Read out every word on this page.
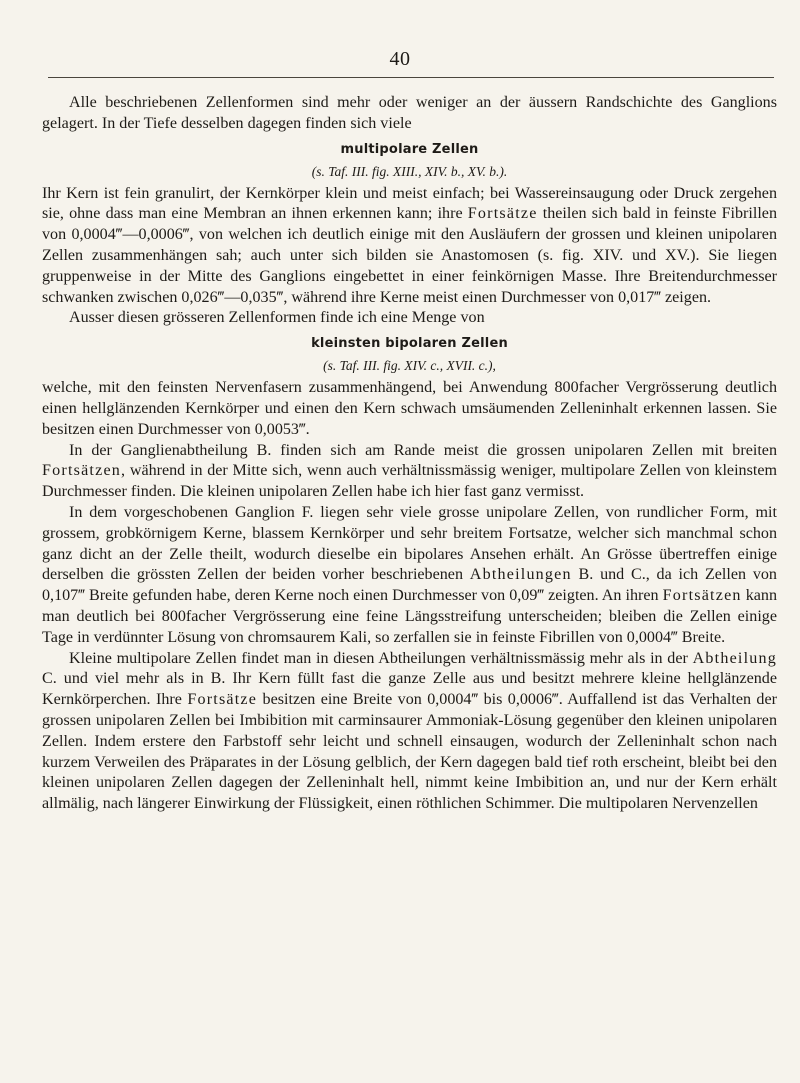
40

Alle beschriebenen Zellenformen sind mehr oder weniger an der äussern Randschichte des Ganglions gelagert. In der Tiefe desselben dagegen finden sich viele

multipolare Zellen
(s. Taf. III. fig. XIII., XIV. b., XV. b.).

Ihr Kern ist fein granulirt, der Kernkörper klein und meist einfach; bei Wassereinsaugung oder Druck zergehen sie, ohne dass man eine Membran an ihnen erkennen kann; ihre Fortsätze theilen sich bald in feinste Fibrillen von 0,0004‴—0,0006‴, von welchen ich deutlich einige mit den Ausläufern der grossen und kleinen unipolaren Zellen zusammenhängen sah; auch unter sich bilden sie Anastomosen (s. fig. XIV. und XV.). Sie liegen gruppenweise in der Mitte des Ganglions eingebettet in einer feinkörnigen Masse. Ihre Breitendurchmesser schwanken zwischen 0,026‴—0,035‴, während ihre Kerne meist einen Durchmesser von 0,017‴ zeigen.

Ausser diesen grösseren Zellenformen finde ich eine Menge von

kleinsten bipolaren Zellen
(s. Taf. III. fig. XIV. c., XVII. c.),

welche, mit den feinsten Nervenfasern zusammenhängend, bei Anwendung 800facher Vergrösserung deutlich einen hellglänzenden Kernkörper und einen den Kern schwach umsäumenden Zelleninhalt erkennen lassen. Sie besitzen einen Durchmesser von 0,0053‴.

In der Ganglienabtheilung B. finden sich am Rande meist die grossen unipolaren Zellen mit breiten Fortsätzen, während in der Mitte sich, wenn auch verhältnissmässig weniger, multipolare Zellen von kleinstem Durchmesser finden. Die kleinen unipolaren Zellen habe ich hier fast ganz vermisst.

In dem vorgeschobenen Ganglion F. liegen sehr viele grosse unipolare Zellen, von rundlicher Form, mit grossem, grobkörnigem Kerne, blassem Kernkörper und sehr breitem Fortsatze, welcher sich manchmal schon ganz dicht an der Zelle theilt, wodurch dieselbe ein bipolares Ansehen erhält. An Grösse übertreffen einige derselben die grössten Zellen der beiden vorher beschriebenen Abtheilungen B. und C., da ich Zellen von 0,107‴ Breite gefunden habe, deren Kerne noch einen Durchmesser von 0,09‴ zeigten. An ihren Fortsätzen kann man deutlich bei 800facher Vergrösserung eine feine Längsstreifung unterscheiden; bleiben die Zellen einige Tage in verdünnter Lösung von chromsaurem Kali, so zerfallen sie in feinste Fibrillen von 0,0004‴ Breite.

Kleine multipolare Zellen findet man in diesen Abtheilungen verhältnissmässig mehr als in der Abtheilung C. und viel mehr als in B. Ihr Kern füllt fast die ganze Zelle aus und besitzt mehrere kleine hellglänzende Kernkörperchen. Ihre Fortsätze besitzen eine Breite von 0,0004‴ bis 0,0006‴. Auffallend ist das Verhalten der grossen unipolaren Zellen bei Imbibition mit carminsaurer Ammoniak-Lösung gegenüber den kleinen unipolaren Zellen. Indem erstere den Farbstoff sehr leicht und schnell einsaugen, wodurch der Zelleninhalt schon nach kurzem Verweilen des Präparates in der Lösung gelblich, der Kern dagegen bald tief roth erscheint, bleibt bei den kleinen unipolaren Zellen dagegen der Zelleninhalt hell, nimmt keine Imbibition an, und nur der Kern erhält allmälig, nach längerer Einwirkung der Flüssigkeit, einen röthlichen Schimmer. Die multipolaren Nervenzellen
